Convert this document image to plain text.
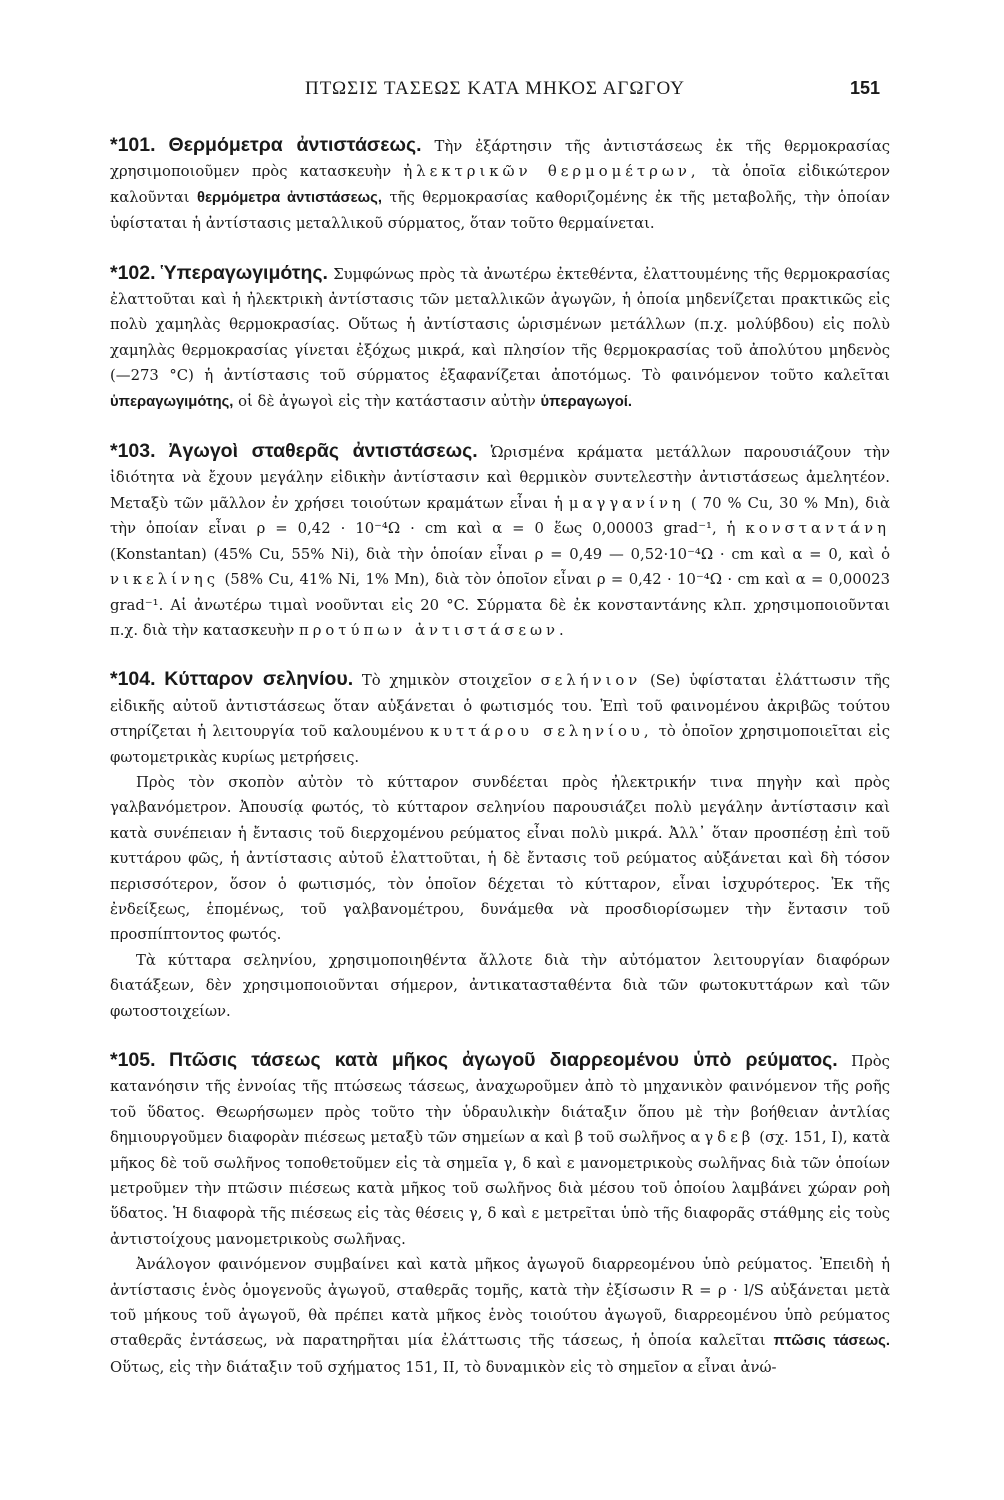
ΠΤΩΣΙΣ ΤΑΣΕΩΣ ΚΑΤΑ ΜΗΚΟΣ ΑΓΩΓΟΥ	151

*101. Θερμόμετρα ἀντιστάσεως. Τὴν ἐξάρτησιν τῆς ἀντιστάσεως ἐκ τῆς θερμοκρασίας χρησιμοποιοῦμεν πρὸς κατασκευὴν ἠλεκτρικῶν θερμομέτρων, τὰ ὁποῖα εἰδικώτερον καλοῦνται θερμόμετρα ἀντιστάσεως, τῆς θερμοκρασίας καθοριζομένης ἐκ τῆς μεταβολῆς, τὴν ὁποίαν ὑφίσταται ἡ ἀντίστασις μεταλλικοῦ σύρματος, ὅταν τοῦτο θερμαίνεται.

*102. Ὑπεραγωγιμότης. Συμφώνως πρὸς τὰ ἀνωτέρω ἐκτεθέντα, ἐλαττουμένης τῆς θερμοκρασίας ἐλαττοῦται καὶ ἡ ἠλεκτρικὴ ἀντίστασις τῶν μεταλλικῶν ἀγωγῶν, ἡ ὁποία μηδενίζεται πρακτικῶς εἰς πολὺ χαμηλὰς θερμοκρασίας. Οὕτως ἡ ἀντίστασις ὡρισμένων μετάλλων (π.χ. μολύβδου) εἰς πολὺ χαμηλὰς θερμοκρασίας γίνεται ἐξόχως μικρά, καὶ πλησίον τῆς θερμοκρασίας τοῦ ἀπολύτου μηδενὸς (—273 °C) ἡ ἀντίστασις τοῦ σύρματος ἐξαφανίζεται ἀποτόμως. Τὸ φαινόμενον τοῦτο καλεῖται ὑπεραγωγιμότης, οἱ δὲ ἀγωγοὶ εἰς τὴν κατάστασιν αὐτὴν ὑπεραγωγοί.

*103. Ἀγωγοὶ σταθερᾶς ἀντιστάσεως. Ὡρισμένα κράματα μετάλλων παρουσιάζουν τὴν ἰδιότητα νὰ ἔχουν μεγάλην εἰδικὴν ἀντίστασιν καὶ θερμικὸν συντελεστὴν ἀντιστάσεως ἀμελητέον. Μεταξὺ τῶν μᾶλλον ἐν χρήσει τοιούτων κραμάτων εἶναι ἡ μαγγανίνη ( 70 % Cu, 30 % Mn), διὰ τὴν ὁποίαν εἶναι ρ = 0,42 · 10⁻⁴Ω · cm καὶ α = 0 ἕως 0,00003 grad⁻¹, ἡ κονσταντάνη (Konstantan) (45% Cu, 55% Ni), διὰ τὴν ὁποίαν εἶναι ρ = 0,49 — 0,52·10⁻⁴Ω · cm καὶ α = 0, καὶ ὁ νικελίνης (58% Cu, 41% Ni, 1% Mn), διὰ τὸν ὁποῖον εἶναι ρ = 0,42 · 10⁻⁴Ω · cm καὶ α = 0,00023 grad⁻¹. Αἱ ἀνωτέρω τιμαὶ νοοῦνται εἰς 20 °C. Σύρματα δὲ ἐκ κονσταντάνης κλπ. χρησιμοποιοῦνται π.χ. διὰ τὴν κατασκευὴν προτύπων ἀντιστάσεων.

*104. Κύτταρον σεληνίου. Τὸ χημικὸν στοιχεῖον σελήνιον (Se) ὑφίσταται ἐλάττωσιν τῆς εἰδικῆς αὐτοῦ ἀντιστάσεως ὅταν αὐξάνεται ὁ φωτισμός του. Ἐπὶ τοῦ φαινομένου ἀκριβῶς τούτου στηρίζεται ἡ λειτουργία τοῦ καλουμένου κυττάρου σεληνίου, τὸ ὁποῖον χρησιμοποιεῖται εἰς φωτομετρικὰς κυρίως μετρήσεις.

Πρὸς τὸν σκοπὸν αὐτὸν τὸ κύτταρον συνδέεται πρὸς ἠλεκτρικήν τινα πηγὴν καὶ πρὸς γαλβανόμετρον. Ἀπουσίᾳ φωτός, τὸ κύτταρον σεληνίου παρουσιάζει πολὺ μεγάλην ἀντίστασιν καὶ κατὰ συνέπειαν ἡ ἔντασις τοῦ διερχομένου ρεύματος εἶναι πολὺ μικρά. Ἀλλ᾽ ὅταν προσπέσῃ ἐπὶ τοῦ κυττάρου φῶς, ἡ ἀντίστασις αὐτοῦ ἐλαττοῦται, ἡ δὲ ἔντασις τοῦ ρεύματος αὐξάνεται καὶ δὴ τόσον περισσότερον, ὅσον ὁ φωτισμός, τὸν ὁποῖον δέχεται τὸ κύτταρον, εἶναι ἰσχυρότερος. Ἐκ τῆς ἐνδείξεως, ἑπομένως, τοῦ γαλβανομέτρου, δυνάμεθα νὰ προσδιορίσωμεν τὴν ἔντασιν τοῦ προσπίπτοντος φωτός.

Τὰ κύτταρα σεληνίου, χρησιμοποιηθέντα ἄλλοτε διὰ τὴν αὐτόματον λειτουργίαν διαφόρων διατάξεων, δὲν χρησιμοποιοῦνται σήμερον, ἀντικατασταθέντα διὰ τῶν φωτοκυττάρων καὶ τῶν φωτοστοιχείων.

*105. Πτῶσις τάσεως κατὰ μῆκος ἀγωγοῦ διαρρεομένου ὑπὸ ρεύματος. Πρὸς κατανόησιν τῆς ἐννοίας τῆς πτώσεως τάσεως, ἀναχωροῦμεν ἀπὸ τὸ μηχανικὸν φαινόμενον τῆς ροῆς τοῦ ὕδατος. Θεωρήσωμεν πρὸς τοῦτο τὴν ὑδραυλικὴν διάταξιν ὅπου μὲ τὴν βοήθειαν ἀντλίας δημιουργοῦμεν διαφορὰν πιέσεως μεταξὺ τῶν σημείων α καὶ β τοῦ σωλῆνος αγδεβ (σχ. 151, I), κατὰ μῆκος δὲ τοῦ σωλῆνος τοποθετοῦμεν εἰς τὰ σημεῖα γ, δ καὶ ε μανομετρικοὺς σωλῆνας διὰ τῶν ὁποίων μετροῦμεν τὴν πτῶσιν πιέσεως κατὰ μῆκος τοῦ σωλῆνος διὰ μέσου τοῦ ὁποίου λαμβάνει χώραν ροὴ ὕδατος. Ἡ διαφορὰ τῆς πιέσεως εἰς τὰς θέσεις γ, δ καὶ ε μετρεῖται ὑπὸ τῆς διαφορᾶς στάθμης εἰς τοὺς ἀντιστοίχους μανομετρικοὺς σωλῆνας.

Ἀνάλογον φαινόμενον συμβαίνει καὶ κατὰ μῆκος ἀγωγοῦ διαρρεομένου ὑπὸ ρεύματος. Ἐπειδὴ ἡ ἀντίστασις ἑνὸς ὁμογενοῦς ἀγωγοῦ, σταθερᾶς τομῆς, κατὰ τὴν ἐξίσωσιν R = ρ · l/S αὐξάνεται μετὰ τοῦ μήκους τοῦ ἀγωγοῦ, θὰ πρέπει κατὰ μῆκος ἑνὸς τοιούτου ἀγωγοῦ, διαρρεομένου ὑπὸ ρεύματος σταθερᾶς ἐντάσεως, νὰ παρατηρῆται μία ἐλάττωσις τῆς τάσεως, ἡ ὁποία καλεῖται πτῶσις τάσεως. Οὕτως, εἰς τὴν διάταξιν τοῦ σχήματος 151, II, τὸ δυναμικὸν εἰς τὸ σημεῖον α εἶναι ἀνώ-
